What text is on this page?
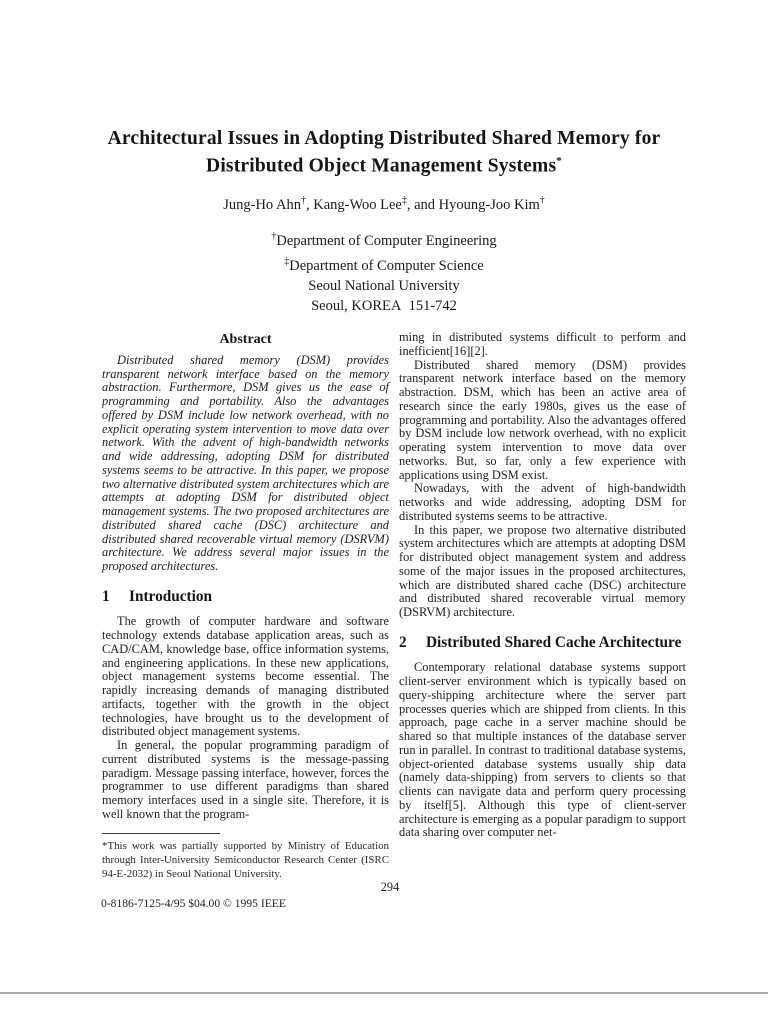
Architectural Issues in Adopting Distributed Shared Memory for Distributed Object Management Systems*
Jung-Ho Ahn†, Kang-Woo Lee‡, and Hyoung-Joo Kim†
†Department of Computer Engineering
‡Department of Computer Science
Seoul National University
Seoul, KOREA  151-742
Abstract

Distributed shared memory (DSM) provides transparent network interface based on the memory abstraction. Furthermore, DSM gives us the ease of programming and portability. Also the advantages offered by DSM include low network overhead, with no explicit operating system intervention to move data over network. With the advent of high-bandwidth networks and wide addressing, adopting DSM for distributed systems seems to be attractive. In this paper, we propose two alternative distributed system architectures which are attempts at adopting DSM for distributed object management systems. The two proposed architectures are distributed shared cache (DSC) architecture and distributed shared recoverable virtual memory (DSRVM) architecture. We address several major issues in the proposed architectures.

1	Introduction

The growth of computer hardware and software technology extends database application areas, such as CAD/CAM, knowledge base, office information systems, and engineering applications. In these new applications, object management systems become essential. The rapidly increasing demands of managing distributed artifacts, together with the growth in the object technologies, have brought us to the development of distributed object management systems.

In general, the popular programming paradigm of current distributed systems is the message-passing paradigm. Message passing interface, however, forces the programmer to use different paradigms than shared memory interfaces used in a single site. Therefore, it is well known that the program-

*This work was partially supported by Ministry of Education through Inter-University Semiconductor Research Center (ISRC 94-E-2032) in Seoul National University.

ming in distributed systems difficult to perform and inefficient[16][2].

Distributed shared memory (DSM) provides transparent network interface based on the memory abstraction. DSM, which has been an active area of research since the early 1980s, gives us the ease of programming and portability. Also the advantages offered by DSM include low network overhead, with no explicit operating system intervention to move data over networks. But, so far, only a few experience with applications using DSM exist.

Nowadays, with the advent of high-bandwidth networks and wide addressing, adopting DSM for distributed systems seems to be attractive.

In this paper, we propose two alternative distributed system architectures which are attempts at adopting DSM for distributed object management system and address some of the major issues in the proposed architectures, which are distributed shared cache (DSC) architecture and distributed shared recoverable virtual memory (DSRVM) architecture.

2	Distributed Shared Cache Architecture

Contemporary relational database systems support client-server environment which is typically based on query-shipping architecture where the server part processes queries which are shipped from clients. In this approach, page cache in a server machine should be shared so that multiple instances of the database server run in parallel. In contrast to traditional database systems, object-oriented database systems usually ship data (namely data-shipping) from servers to clients so that clients can navigate data and perform query processing by itself[5]. Although this type of client-server architecture is emerging as a popular paradigm to support data sharing over computer net-

294
0-8186-7125-4/95 $04.00 © 1995 IEEE
